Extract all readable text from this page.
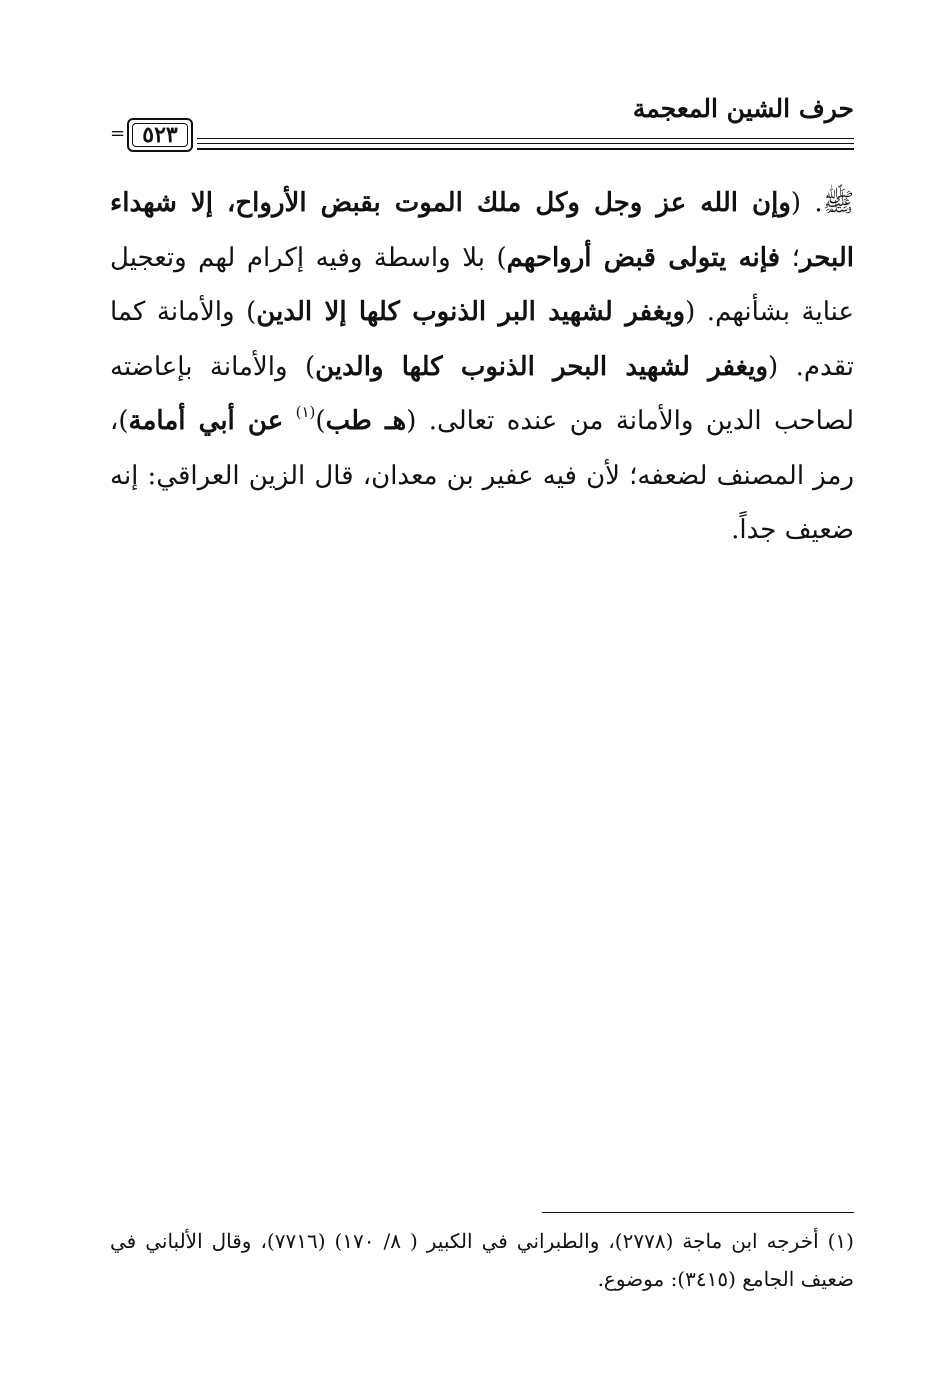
حرف الشين المعجمة
= ٥٢٣
ﷺ. (وإن الله عز وجل وكل ملك الموت بقبض الأرواح، إلا شهداء البحر؛ فإنه يتولى قبض أرواحهم) بلا واسطة وفيه إكرام لهم وتعجيل عناية بشأنهم. (ويغفر لشهيد البر الذنوب كلها إلا الدين) والأمانة كما تقدم. (ويغفر لشهيد البحر الذنوب كلها والدين) والأمانة بإعاضته لصاحب الدين والأمانة من عنده تعالى. (هـ طب)$^{(١)}$ عن أبي أمامة)، رمز المصنف لضعفه؛ لأن فيه عفير بن معدان، قال الزين العراقي: إنه ضعيف جداً.
(١) أخرجه ابن ماجة (٢٧٧٨)، والطبراني في الكبير ( ٨/ ١٧٠) (٧٧١٦)، وقال الألباني في ضعيف الجامع (٣٤١٥): موضوع.
